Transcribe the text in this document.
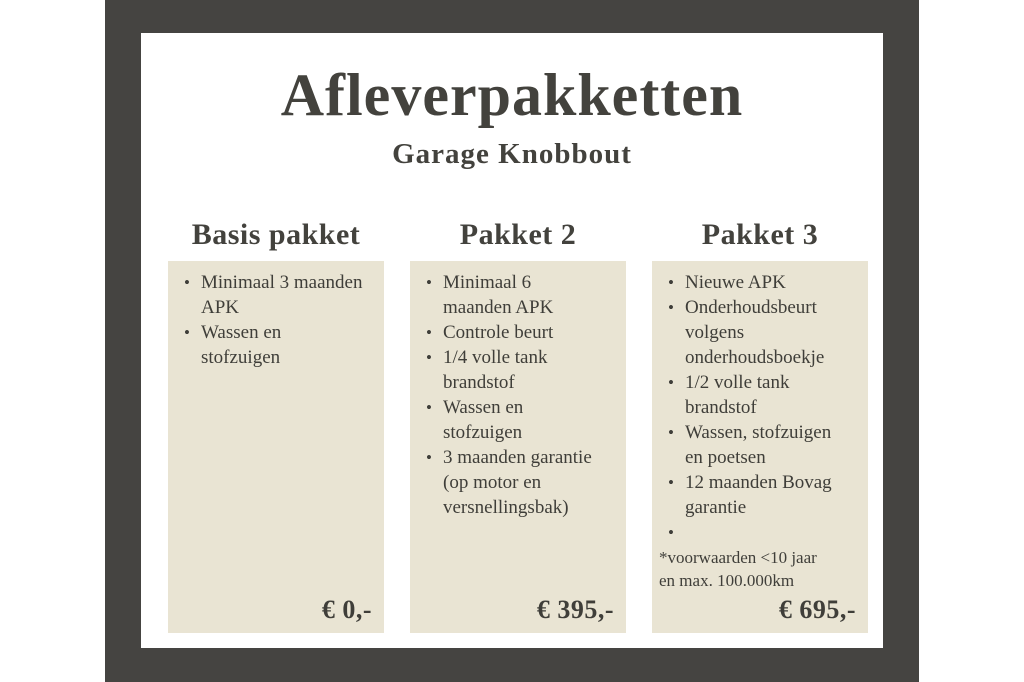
Afleverpakketten
Garage Knobbout
Basis pakket
• Minimaal 3 maanden
APK
• Wassen en
stofzuigen
€ 0,-
Pakket 2
• Minimaal 6
maanden APK
• Controle beurt
• 1/4 volle tank
brandstof
• Wassen en
stofzuigen
• 3 maanden garantie
(op motor en
versnellingsbak)
€ 395,-
Pakket 3
• Nieuwe APK
• Onderhoudsbeurt
volgens
onderhoudsboekje
• 1/2 volle tank
brandstof
• Wassen, stofzuigen
en poetsen
• 12 maanden Bovag
garantie
•
*voorwaarden <10 jaar
en max. 100.000km
€ 695,-
